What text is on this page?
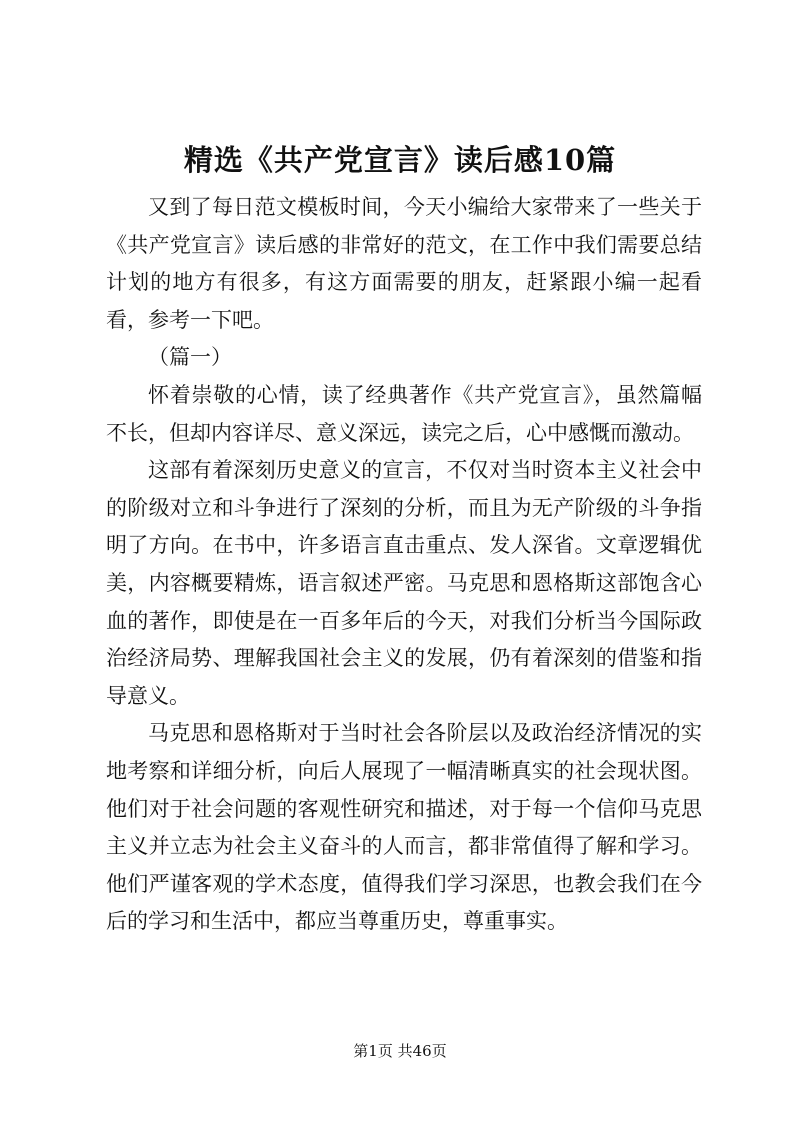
精选《共产党宣言》读后感10篇

又到了每日范文模板时间，今天小编给大家带来了一些关于《共产党宣言》读后感的非常好的范文，在工作中我们需要总结计划的地方有很多，有这方面需要的朋友，赶紧跟小编一起看看，参考一下吧。

（篇一）

怀着崇敬的心情，读了经典著作《共产党宣言》，虽然篇幅不长，但却内容详尽、意义深远，读完之后，心中感慨而激动。

这部有着深刻历史意义的宣言，不仅对当时资本主义社会中的阶级对立和斗争进行了深刻的分析，而且为无产阶级的斗争指明了方向。在书中，许多语言直击重点、发人深省。文章逻辑优美，内容概要精炼，语言叙述严密。马克思和恩格斯这部饱含心血的著作，即使是在一百多年后的今天，对我们分析当今国际政治经济局势、理解我国社会主义的发展，仍有着深刻的借鉴和指导意义。

马克思和恩格斯对于当时社会各阶层以及政治经济情况的实地考察和详细分析，向后人展现了一幅清晰真实的社会现状图。他们对于社会问题的客观性研究和描述，对于每一个信仰马克思主义并立志为社会主义奋斗的人而言，都非常值得了解和学习。他们严谨客观的学术态度，值得我们学习深思，也教会我们在今后的学习和生活中，都应当尊重历史，尊重事实。

第1页 共46页
